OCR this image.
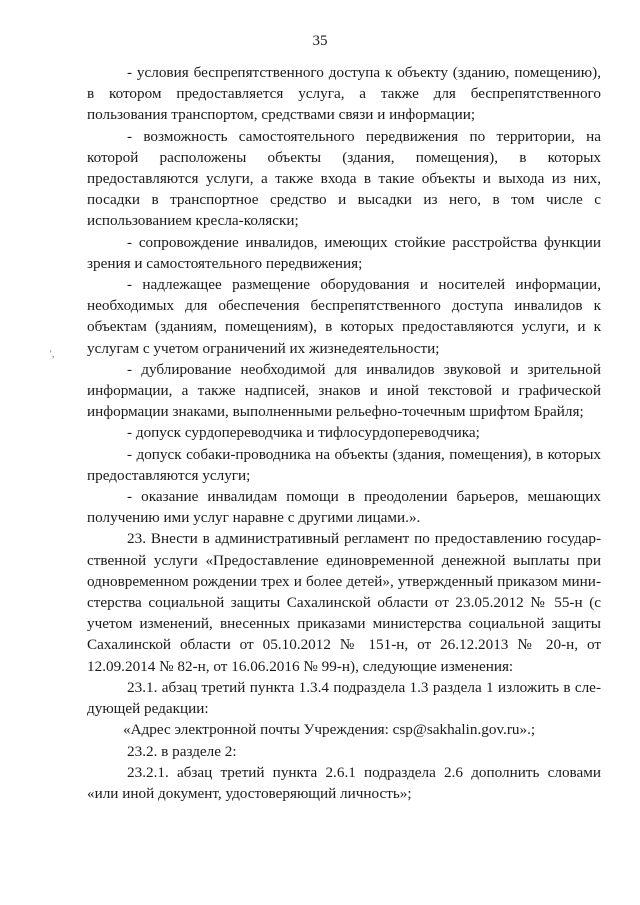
35
'‚

- условия беспрепятственного доступа к объекту (зданию, помещению), в котором предоставляется услуга, а также для беспрепятственного пользования транспортом, средствами связи и информации;

- возможность самостоятельного передвижения по территории, на которой расположены объекты (здания, помещения), в которых предоставляются услуги, а также входа в такие объекты и выхода из них, посадки в транспортное средство и высадки из него, в том числе с использованием кресла-коляски;

- сопровождение инвалидов, имеющих стойкие расстройства функции зрения и самостоятельного передвижения;

- надлежащее размещение оборудования и носителей информации, необходимых для обеспечения беспрепятственного доступа инвалидов к объектам (зданиям, помещениям), в которых предоставляются услуги, и к услугам с учетом ограничений их жизнедеятельности;

- дублирование необходимой для инвалидов звуковой и зрительной информации, а также надписей, знаков и иной текстовой и графической информации знаками, выполненными рельефно-точечным шрифтом Брайля;

- допуск сурдопереводчика и тифлосурдопереводчика;

- допуск собаки-проводника на объекты (здания, помещения), в которых предоставляются услуги;

- оказание инвалидам помощи в преодолении барьеров, мешающих получению ими услуг наравне с другими лицами.».

23. Внести в административный регламент по предоставлению государственной услуги «Предоставление единовременной денежной выплаты при одновременном рождении трех и более детей», утвержденный приказом министерства социальной защиты Сахалинской области от 23.05.2012 № 55-н (с учетом изменений, внесенных приказами министерства социальной защиты Сахалинской области от 05.10.2012 № 151-н, от 26.12.2013 № 20-н, от 12.09.2014 № 82-н, от 16.06.2016 № 99-н), следующие изменения:

23.1. абзац третий пункта 1.3.4 подраздела 1.3 раздела 1 изложить в следующей редакции:

«Адрес электронной почты Учреждения: csp@sakhalin.gov.ru».;

23.2. в разделе 2:

23.2.1. абзац третий пункта 2.6.1 подраздела 2.6 дополнить словами «или иной документ, удостоверяющий личность»;
